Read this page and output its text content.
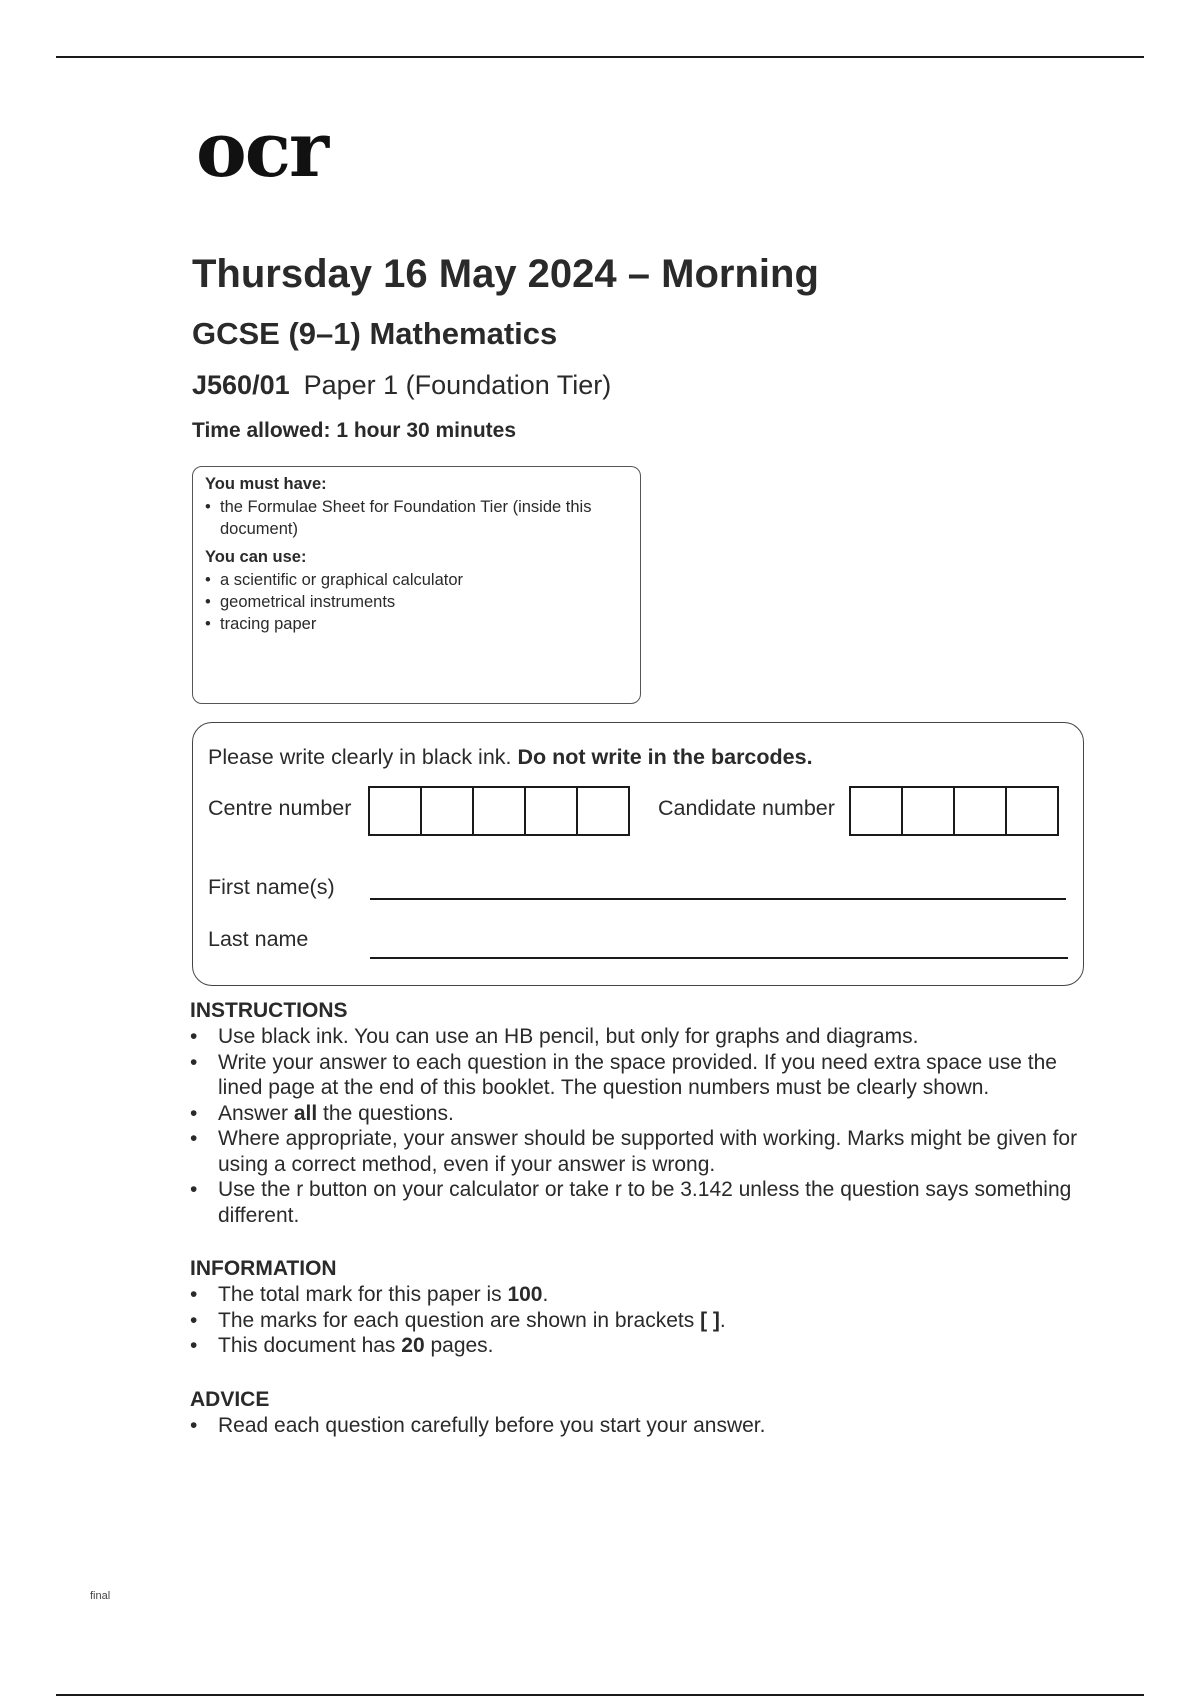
ocr
Thursday 16 May 2024 – Morning
GCSE (9–1) Mathematics
J560/01 Paper 1 (Foundation Tier)
Time allowed: 1 hour 30 minutes
You must have:
• the Formulae Sheet for Foundation Tier (inside this document)
You can use:
• a scientific or graphical calculator
• geometrical instruments
• tracing paper
Please write clearly in black ink. Do not write in the barcodes.
Centre number	Candidate number
First name(s)
Last name
INSTRUCTIONS
• Use black ink. You can use an HB pencil, but only for graphs and diagrams.
• Write your answer to each question in the space provided. If you need extra space use the lined page at the end of this booklet. The question numbers must be clearly shown.
• Answer all the questions.
• Where appropriate, your answer should be supported with working. Marks might be given for using a correct method, even if your answer is wrong.
• Use the r button on your calculator or take r to be 3.142 unless the question says something different.
INFORMATION
• The total mark for this paper is 100.
• The marks for each question are shown in brackets [ ].
• This document has 20 pages.
ADVICE
• Read each question carefully before you start your answer.
final
